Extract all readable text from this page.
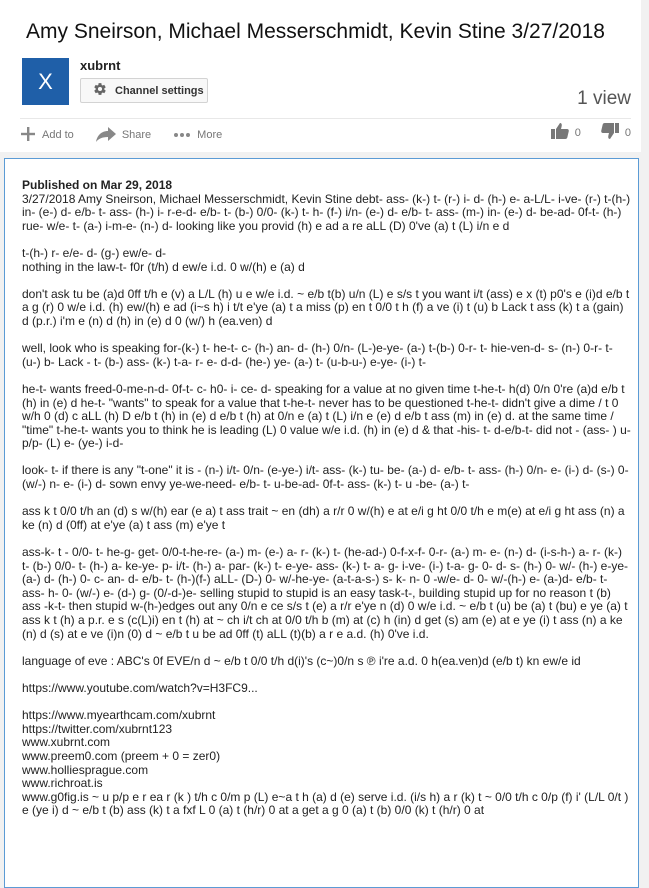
Amy Sneirson, Michael Messerschmidt, Kevin Stine 3/27/2018
X
xubrnt
Channel settings	1 view
Add to	Share	More	0	0
Published on Mar 29, 2018

3/27/2018 Amy Sneirson, Michael Messerschmidt, Kevin Stine debt- ass- (k-) t- (r-) i- d- (h-) e- a-L/L- i-ve- (r-) t-(h-) in- (e-) d- e/b- t- ass- (h-) i- r-e-d- e/b- t- (b-) 0/0- (k-) t- h- (f-) i/n- (e-) d- e/b- t- ass- (m-) in- (e-) d- be-ad- 0f-t- (h-) rue- w/e- t- (a-) i-m-e- (n-) d- looking like you provid (h) e ad a re aLL (D) 0've (a) t (L) i/n e d

t-(h-) r- e/e- d- (g-) ew/e- d-
nothing in the law-t- f0r (t/h) d ew/e i.d. 0 w/(h) e (a) d

don't ask tu be (a)d 0ff t/h e (v) a L/L (h) u e w/e i.d. ~ e/b t(b) u/n (L) e s/s t you want i/t (ass) e x (t) p0's e (i)d e/b t a g (r) 0 w/e i.d. (h) ew/(h) e ad (i~s h) i t/t e'ye (a) t a miss (p) en t 0/0 t h (f) a ve (i) t (u) b Lack t ass (k) t a (gain) d (p.r.) i'm e (n) d (h) in (e) d 0 (w/) h (ea.ven) d

well, look who is speaking for-(k-) t- he-t- c- (h-) an- d- (h-) 0/n- (L-)e-ye- (a-) t-(b-) 0-r- t- hie-ven-d- s- (n-) 0-r- t- (u-) b- Lack - t- (b-) ass- (k-) t-a- r- e- d-d- (he-) ye- (a-) t- (u-b-u-) e-ye- (i-) t-

he-t- wants freed-0-me-n-d- 0f-t- c- h0- i- ce- d- speaking for a value at no given time t-he-t- h(d) 0/n 0're (a)d e/b t (h) in (e) d he-t- "wants" to speak for a value that t-he-t- never has to be questioned t-he-t- didn't give a dime / t 0 w/h 0 (d) c aLL (h) D e/b t (h) in (e) d e/b t (h) at 0/n e (a) t (L) i/n e (e) d e/b t ass (m) in (e) d. at the same time / "time" t-he-t- wants you to think he is leading (L) 0 value w/e i.d. (h) in (e) d & that -his- t- d-e/b-t- did not - (ass- ) u- p/p- (L) e- (ye-) i-d-

look- t- if there is any "t-one" it is - (n-) i/t- 0/n- (e-ye-) i/t- ass- (k-) tu- be- (a-) d- e/b- t- ass- (h-) 0/n- e- (i-) d- (s-) 0- (w/-) n- e- (i-) d- sown envy ye-we-need- e/b- t- u-be-ad- 0f-t- ass- (k-) t- u -be- (a-) t-

ass k t 0/0 t/h an (d) s w/(h) ear (e a) t ass trait ~ en (dh) a r/r 0 w/(h) e at e/i g ht 0/0 t/h e m(e) at e/i g ht ass (n) a ke (n) d (0ff) at e'ye (a) t ass (m) e'ye t

ass-k- t - 0/0- t- he-g- get- 0/0-t-he-re- (a-) m- (e-) a- r- (k-) t- (he-ad-) 0-f-x-f- 0-r- (a-) m- e- (n-) d- (i-s-h-) a- r- (k-) t- (b-) 0/0- t- (h-) a- ke-ye- p- i/t- (h-) a- par- (k-) t- e-ye- ass- (k-) t- a- g- i-ve- (i-) t-a- g- 0- d- s- (h-) 0- w/- (h-) e-ye- (a-) d- (h-) 0- c- an- d- e/b- t- (h-)(f-) aLL- (D-) 0- w/-he-ye- (a-t-a-s-) s- k- n- 0 -w/e- d- 0- w/-(h-) e- (a-)d- e/b- t- ass- h- 0- (w/-) e- (d-) g- (0/-d-)e- selling stupid to stupid is an easy task-t-, building stupid up for no reason t (b) ass -k-t- then stupid w-(h-)edges out any 0/n e ce s/s t (e) a r/r e'ye n (d) 0 w/e i.d. ~ e/b t (u) be (a) t (bu) e ye (a) t ass k t (h) a p.r. e s (c(L)i) en t (h) at ~ ch i/t ch at 0/0 t/h b (m) at (c) h (in) d get (s) am (e) at e ye (i) t ass (n) a ke (n) d (s) at e ve (i)n (0) d ~ e/b t u be ad 0ff (t) aLL (t)(b) a r e a.d. (h) 0've i.d.

language of eve : ABC's 0f EVE/n d ~ e/b t 0/0 t/h d(i)'s (c~)0/n s ℗ i're a.d. 0 h(ea.ven)d (e/b t) kn ew/e id

https://www.youtube.com/watch?v=H3FC9...

https://www.myearthcam.com/xubrnt
https://twitter.com/xubrnt123
www.xubrnt.com
www.preem0.com (preem + 0 = zer0)
www.holliesprague.com
www.richroat.is
www.g0fig.is ~ u p/p e r ea r (k ) t/h c 0/m p (L) e~a t h (a) d (e) serve i.d. (i/s h) a r (k) t ~ 0/0 t/h c 0/p (f) i' (L/L 0/t ) e (ye i) d ~ e/b t (b) ass (k) t a fxf L 0 (a) t (h/r) 0 at a get a g 0 (a) t (b) 0/0 (k) t (h/r) 0 at
